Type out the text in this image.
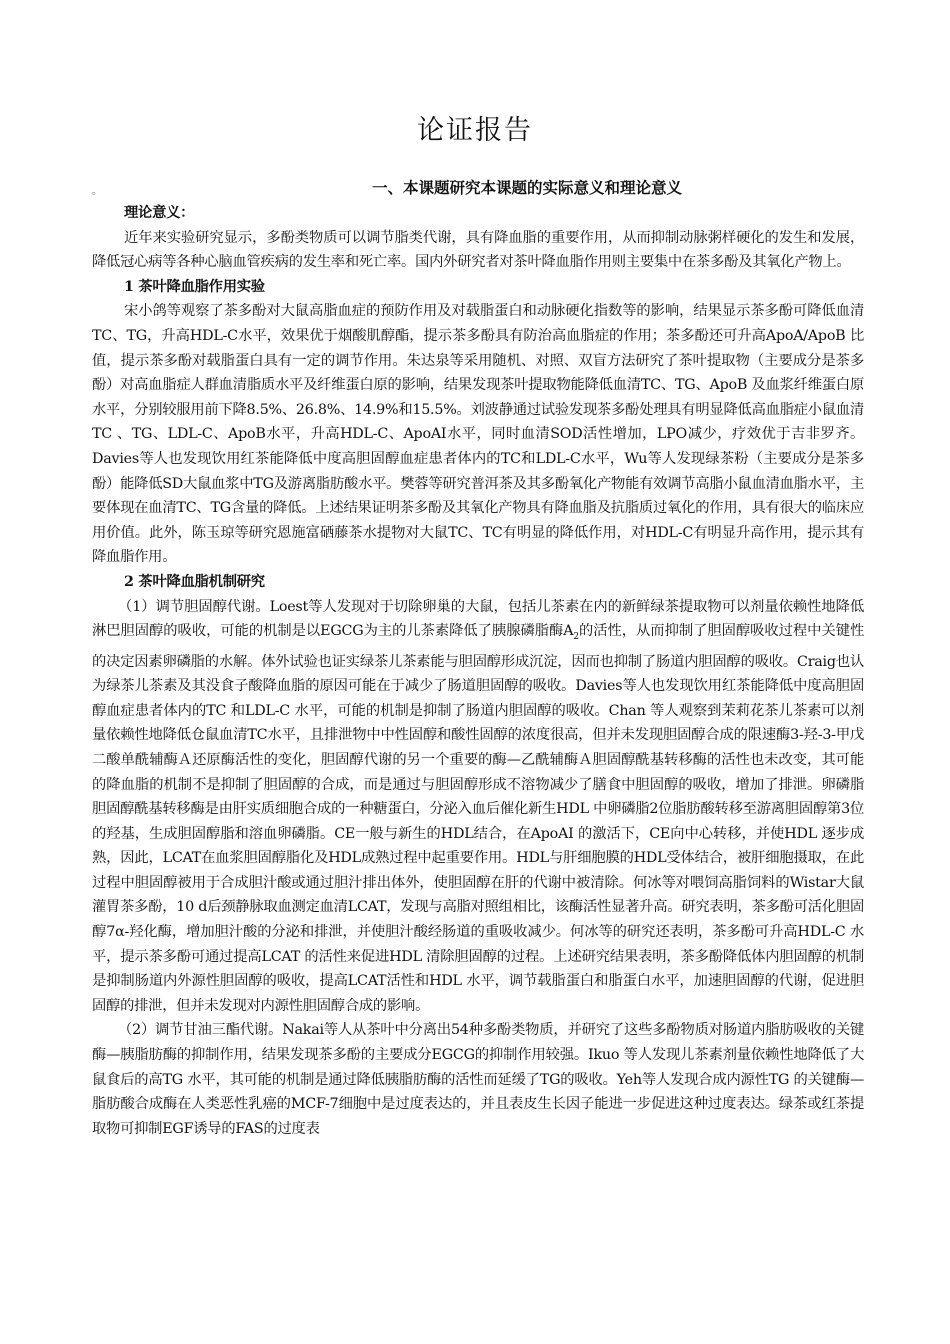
论证报告
。	一、本课题研究本课题的实际意义和理论意义

理论意义：

近年来实验研究显示，多酚类物质可以调节脂类代谢，具有降血脂的重要作用，从而抑制动脉粥样硬化的发生和发展，降低冠心病等各种心脑血管疾病的发生率和死亡率。国内外研究者对茶叶降血脂作用则主要集中在茶多酚及其氧化产物上。

1 茶叶降血脂作用实验

宋小鸽等观察了茶多酚对大鼠高脂血症的预防作用及对载脂蛋白和动脉硬化指数等的影响，结果显示茶多酚可降低血清TC、TG，升高HDL-C水平，效果优于烟酸肌醇酯，提示茶多酚具有防治高血脂症的作用；茶多酚还可升高ApoA/ApoB 比值，提示茶多酚对载脂蛋白具有一定的调节作用。朱达泉等采用随机、对照、双盲方法研究了茶叶提取物（主要成分是茶多酚）对高血脂症人群血清脂质水平及纤维蛋白原的影响，结果发现茶叶提取物能降低血清TC、TG、ApoB 及血浆纤维蛋白原水平，分别较服用前下降8.5%、26.8%、14.9%和15.5%。刘波静通过试验发现茶多酚处理具有明显降低高血脂症小鼠血清TC 、TG、LDL-C、ApoB水平，升高HDL-C、ApoAI水平，同时血清SOD活性增加，LPO减少，疗效优于吉非罗齐。Davies等人也发现饮用红茶能降低中度高胆固醇血症患者体内的TC和LDL-C水平，Wu等人发现绿茶粉（主要成分是茶多酚）能降低SD大鼠血浆中TG及游离脂肪酸水平。樊蓉等研究普洱茶及其多酚氧化产物能有效调节高脂小鼠血清血脂水平，主要体现在血清TC、TG含量的降低。上述结果证明茶多酚及其氧化产物具有降血脂及抗脂质过氧化的作用，具有很大的临床应用价值。此外，陈玉琼等研究恩施富硒藤茶水提物对大鼠TC、TC有明显的降低作用，对HDL-C有明显升高作用，提示其有降血脂作用。

2 茶叶降血脂机制研究

（1）调节胆固醇代谢。Loest等人发现对于切除卵巢的大鼠，包括儿茶素在内的新鲜绿茶提取物可以剂量依赖性地降低淋巴胆固醇的吸收，可能的机制是以EGCG为主的儿茶素降低了胰腺磷脂酶$A_2$的活性，从而抑制了胆固醇吸收过程中关键性的决定因素卵磷脂的水解。体外试验也证实绿茶儿茶素能与胆固醇形成沉淀，因而也抑制了肠道内胆固醇的吸收。Craig也认为绿茶儿茶素及其没食子酸降血脂的原因可能在于减少了肠道胆固醇的吸收。Davies等人也发现饮用红茶能降低中度高胆固醇血症患者体内的TC 和LDL-C 水平，可能的机制是抑制了肠道内胆固醇的吸收。Chan 等人观察到茉莉花茶儿茶素可以剂量依赖性地降低仓鼠血清TC水平，且排泄物中中性固醇和酸性固醇的浓度很高，但并未发现胆固醇合成的限速酶3-羟-3-甲戊二酸单酰辅酶Ａ还原酶活性的变化，胆固醇代谢的另一个重要的酶—乙酰辅酶Ａ胆固醇酰基转移酶的活性也未改变，其可能的降血脂的机制不是抑制了胆固醇的合成，而是通过与胆固醇形成不溶物减少了膳食中胆固醇的吸收，增加了排泄。卵磷脂胆固醇酰基转移酶是由肝实质细胞合成的一种糖蛋白，分泌入血后催化新生HDL 中卵磷脂2位脂肪酸转移至游离胆固醇第3位的羟基，生成胆固醇脂和溶血卵磷脂。CE一般与新生的HDL结合，在ApoAI 的激活下，CE向中心转移，并使HDL 逐步成熟，因此，LCAT在血浆胆固醇脂化及HDL成熟过程中起重要作用。HDL与肝细胞膜的HDL受体结合，被肝细胞摄取，在此过程中胆固醇被用于合成胆汁酸或通过胆汁排出体外，使胆固醇在肝的代谢中被清除。何冰等对喂饲高脂饲料的Wistar大鼠灌胃茶多酚，10 d后颈静脉取血测定血清LCAT，发现与高脂对照组相比，该酶活性显著升高。研究表明，茶多酚可活化胆固醇7α-羟化酶，增加胆汁酸的分泌和排泄，并使胆汁酸经肠道的重吸收减少。何冰等的研究还表明，茶多酚可升高HDL-C 水平，提示茶多酚可通过提高LCAT 的活性来促进HDL 清除胆固醇的过程。上述研究结果表明，茶多酚降低体内胆固醇的机制是抑制肠道内外源性胆固醇的吸收，提高LCAT活性和HDL 水平，调节载脂蛋白和脂蛋白水平，加速胆固醇的代谢，促进胆固醇的排泄，但并未发现对内源性胆固醇合成的影响。

（2）调节甘油三酯代谢。Nakai等人从茶叶中分离出54种多酚类物质，并研究了这些多酚物质对肠道内脂肪吸收的关键酶—胰脂肪酶的抑制作用，结果发现茶多酚的主要成分EGCG的抑制作用较强。Ikuo 等人发现儿茶素剂量依赖性地降低了大鼠食后的高TG 水平，其可能的机制是通过降低胰脂肪酶的活性而延缓了TG的吸收。Yeh等人发现合成内源性TG 的关键酶—脂肪酸合成酶在人类恶性乳癌的MCF-7细胞中是过度表达的，并且表皮生长因子能进一步促进这种过度表达。绿茶或红茶提取物可抑制EGF诱导的FAS的过度表
